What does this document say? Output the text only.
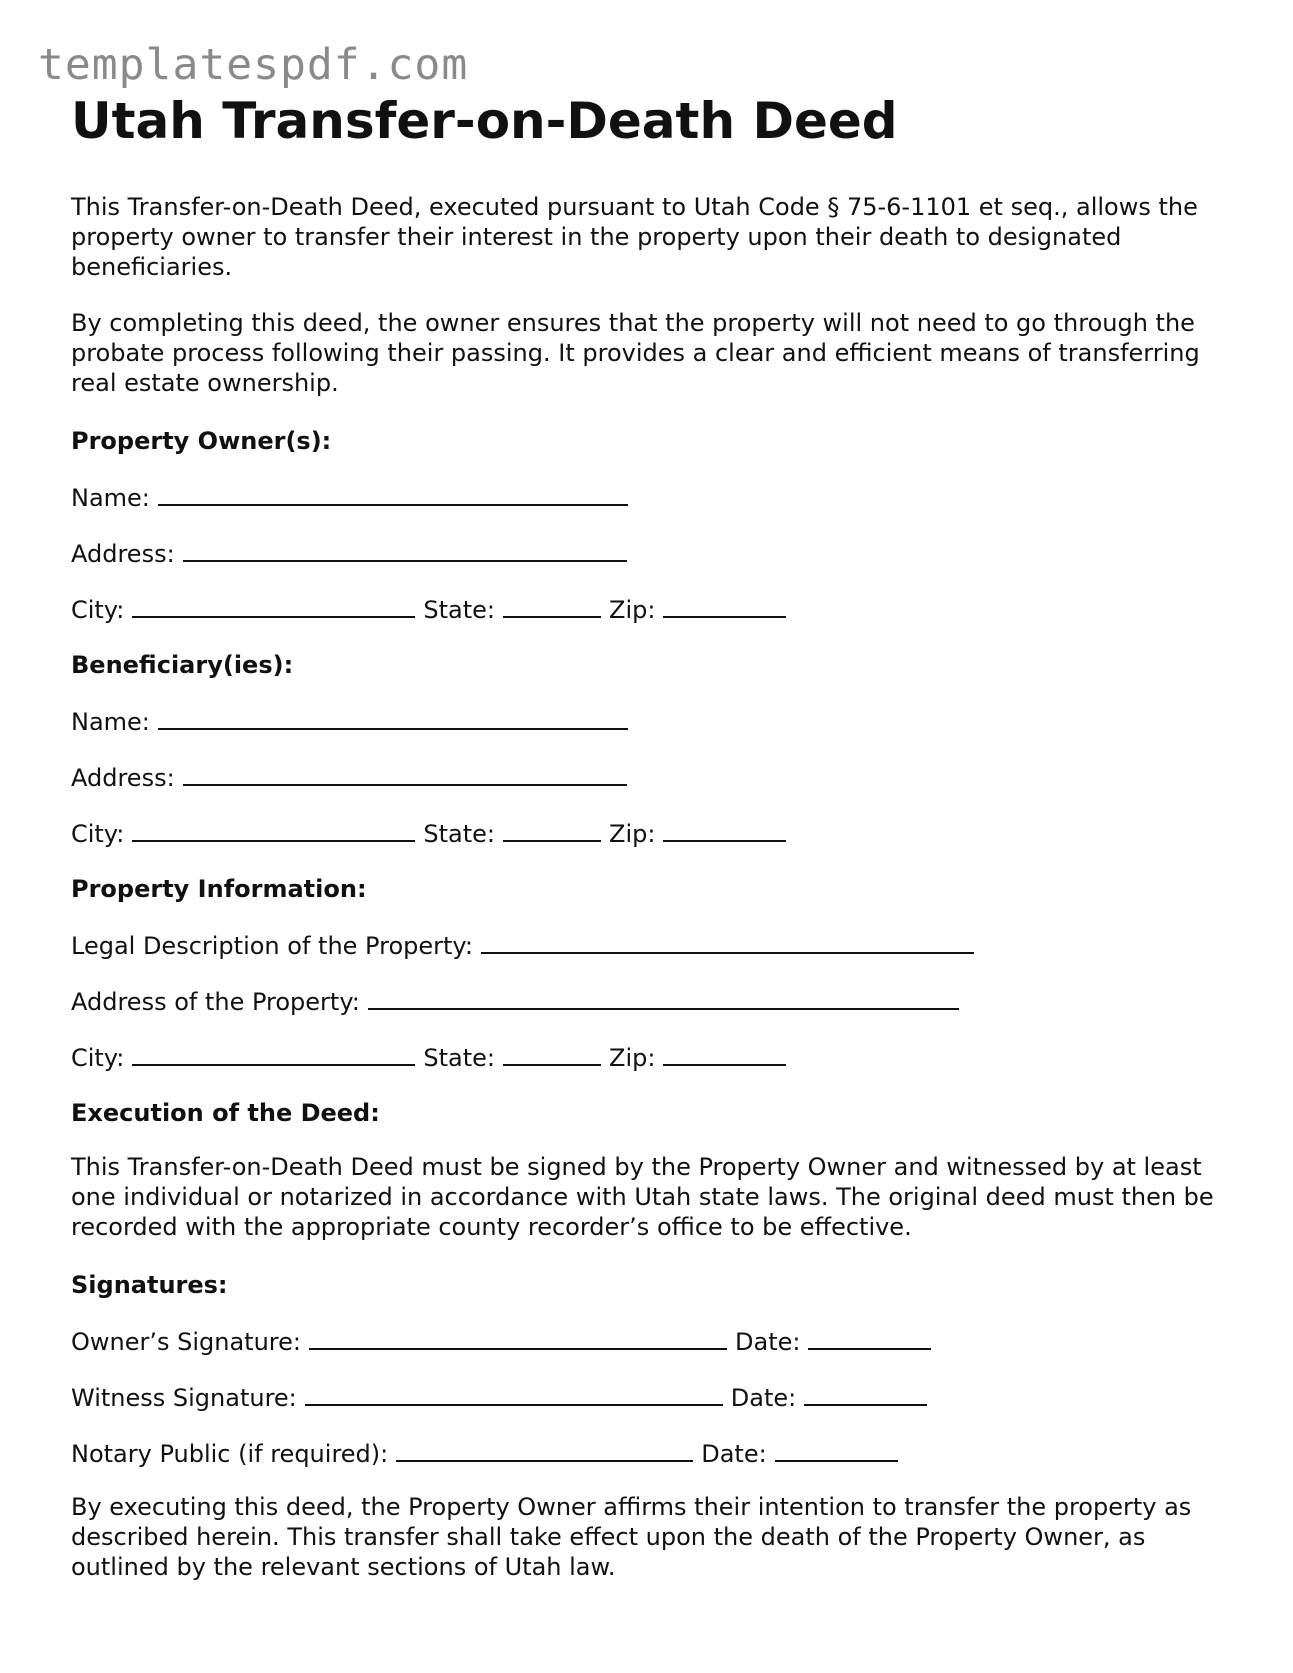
templatespdf.com
Utah Transfer-on-Death Deed

This Transfer-on-Death Deed, executed pursuant to Utah Code § 75-6-1101 et seq., allows the property owner to transfer their interest in the property upon their death to designated beneficiaries.

By completing this deed, the owner ensures that the property will not need to go through the probate process following their passing. It provides a clear and efficient means of transferring real estate ownership.

Property Owner(s):
Name:
Address:
City:	State:	Zip:
Beneficiary(ies):
Name:
Address:
City:	State:	Zip:
Property Information:
Legal Description of the Property:
Address of the Property:
City:	State:	Zip:
Execution of the Deed:

This Transfer-on-Death Deed must be signed by the Property Owner and witnessed by at least one individual or notarized in accordance with Utah state laws. The original deed must then be recorded with the appropriate county recorder’s office to be effective.

Signatures:
Owner’s Signature:	Date:
Witness Signature:	Date:
Notary Public (if required):	Date:

By executing this deed, the Property Owner affirms their intention to transfer the property as described herein. This transfer shall take effect upon the death of the Property Owner, as outlined by the relevant sections of Utah law.
